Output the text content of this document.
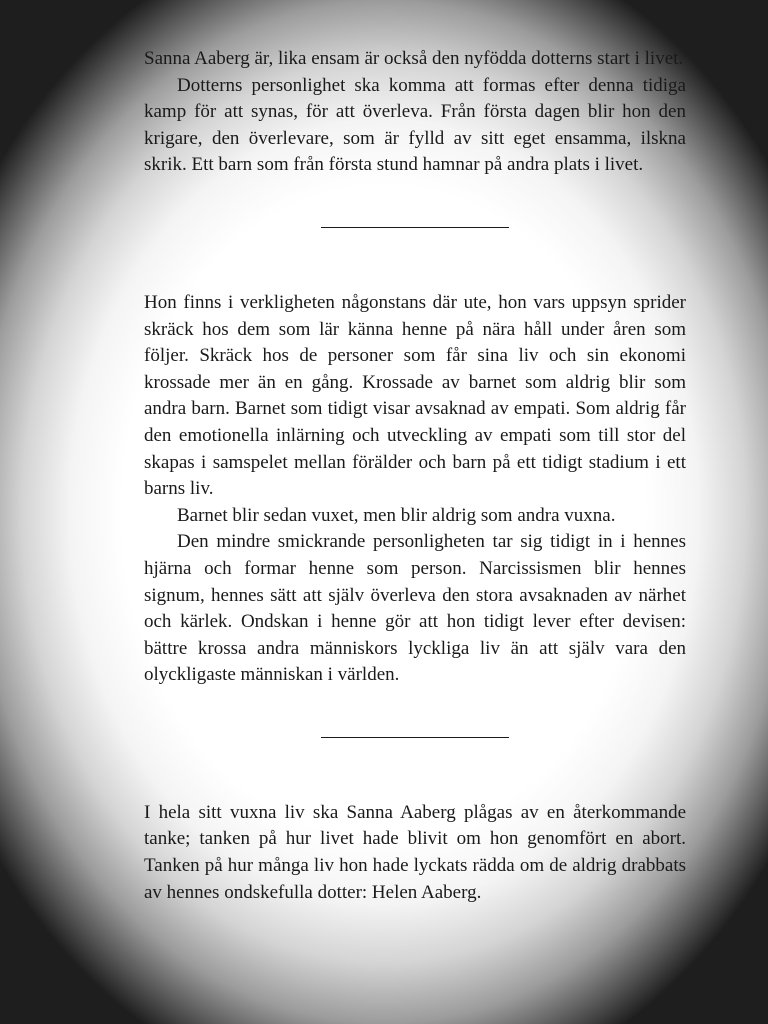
Sanna Aaberg är, lika ensam är också den nyfödda dotterns start i livet.

Dotterns personlighet ska komma att formas efter denna tidiga kamp för att synas, för att överleva. Från första dagen blir hon den krigare, den överlevare, som är fylld av sitt eget ensamma, ilskna skrik. Ett barn som från första stund hamnar på andra plats i livet.

Hon finns i verkligheten någonstans där ute, hon vars uppsyn sprider skräck hos dem som lär känna henne på nära håll under åren som följer. Skräck hos de personer som får sina liv och sin ekonomi krossade mer än en gång. Krossade av barnet som aldrig blir som andra barn. Barnet som tidigt visar avsaknad av empati. Som aldrig får den emotionella inlärning och utveckling av empati som till stor del skapas i samspelet mellan förälder och barn på ett tidigt stadium i ett barns liv.

Barnet blir sedan vuxet, men blir aldrig som andra vuxna.

Den mindre smickrande personligheten tar sig tidigt in i hennes hjärna och formar henne som person. Narcissismen blir hennes signum, hennes sätt att själv överleva den stora avsaknaden av närhet och kärlek. Ondskan i henne gör att hon tidigt lever efter devisen: bättre krossa andra människors lyckliga liv än att själv vara den olyckligaste människan i världen.

I hela sitt vuxna liv ska Sanna Aaberg plågas av en återkommande tanke; tanken på hur livet hade blivit om hon genomfört en abort. Tanken på hur många liv hon hade lyckats rädda om de aldrig drabbats av hennes ondskefulla dotter: Helen Aaberg.
